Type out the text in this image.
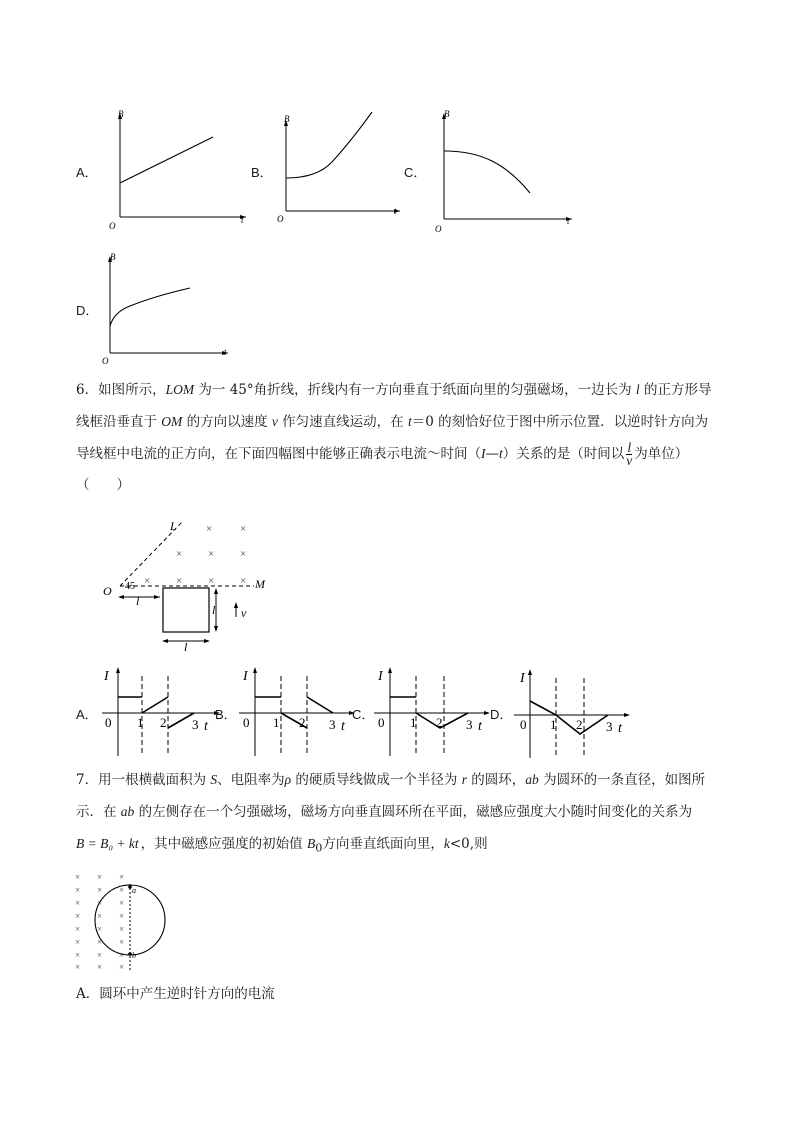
A．
B
O
t
B．
B
O
t
C．
B
O
t
D．
B
O
t
6．如图所示，LOM 为一 45°角折线，折线内有一方向垂直于纸面向里的匀强磁场，一边长为 l 的正方形导
线框沿垂直于 OM 的方向以速度 v 作匀速直线运动，在 t＝0 的刻恰好位于图中所示位置．以逆时针方向为
导线框中电流的正方向，在下面四幅图中能够正确表示电流～时间（I—t）关系的是（时间以 $\frac{l}{v}$ 为单位）
（　　）
L
O	M
45
×	×
× × ×
× × × ×
l
l v
l
A．
I
0 1 2 3 t
B．
I
0 1 2 3 t
C．
I
0 1 2 3 t
D．
I
0 1 2 3 t
7．用一根横截面积为 S、电阻率为ρ 的硬质导线做成一个半径为 r 的圆环，ab 为圆环的一条直径，如图所
示．在 ab 的左侧存在一个匀强磁场，磁场方向垂直圆环所在平面，磁感应强度大小随时间变化的关系为
B = B₀ + kt ，其中磁感应强度的初始值 $B_0$方向垂直纸面向里，k<0,则
× × ×
× × ×
× × ×
× × ×
× × ×
× × ×
× × ×
× × ×
a
b
A．圆环中产生逆时针方向的电流
